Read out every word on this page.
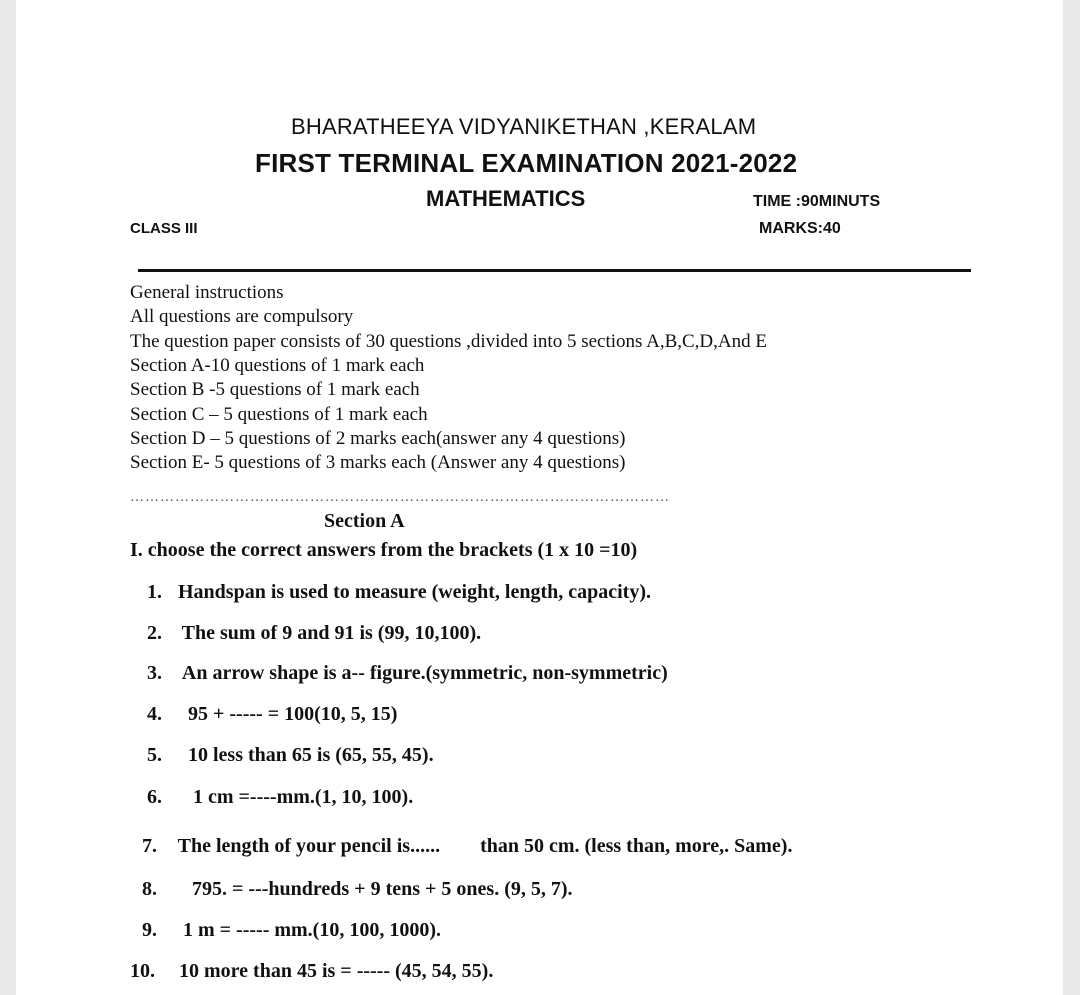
BHARATHEEYA VIDYANIKETHAN ,KERALAM
FIRST TERMINAL EXAMINATION 2021-2022
MATHEMATICS	TIME :90MINUTS
CLASS III	MARKS:40
General instructions
All questions are compulsory
The question paper consists of 30 questions ,divided into 5 sections A,B,C,D,And E
Section A-10 questions of 1 mark each
Section B -5 questions of 1 mark each
Section C – 5 questions of 1 mark each
Section D – 5 questions of 2 marks each(answer any 4 questions)
Section E- 5 questions of 3 marks each (Answer any 4 questions)
………………………………………………………………………………………………
Section A
I. choose the correct answers from the brackets (1 x 10 =10)
1. Handspan is used to measure (weight, length, capacity).
2. The sum of 9 and 91 is (99, 10,100).
3. An arrow shape is a-- figure.(symmetric, non-symmetric)
4. 95 + ----- = 100(10, 5, 15)
5. 10 less than 65 is (65, 55, 45).
6. 1 cm =----mm.(1, 10, 100).
7. The length of your pencil is...... than 50 cm. (less than, more,. Same).
8. 795. = ---hundreds + 9 tens + 5 ones. (9, 5, 7).
9. 1 m = ----- mm.(10, 100, 1000).
10. 10 more than 45 is = ----- (45, 54, 55).
